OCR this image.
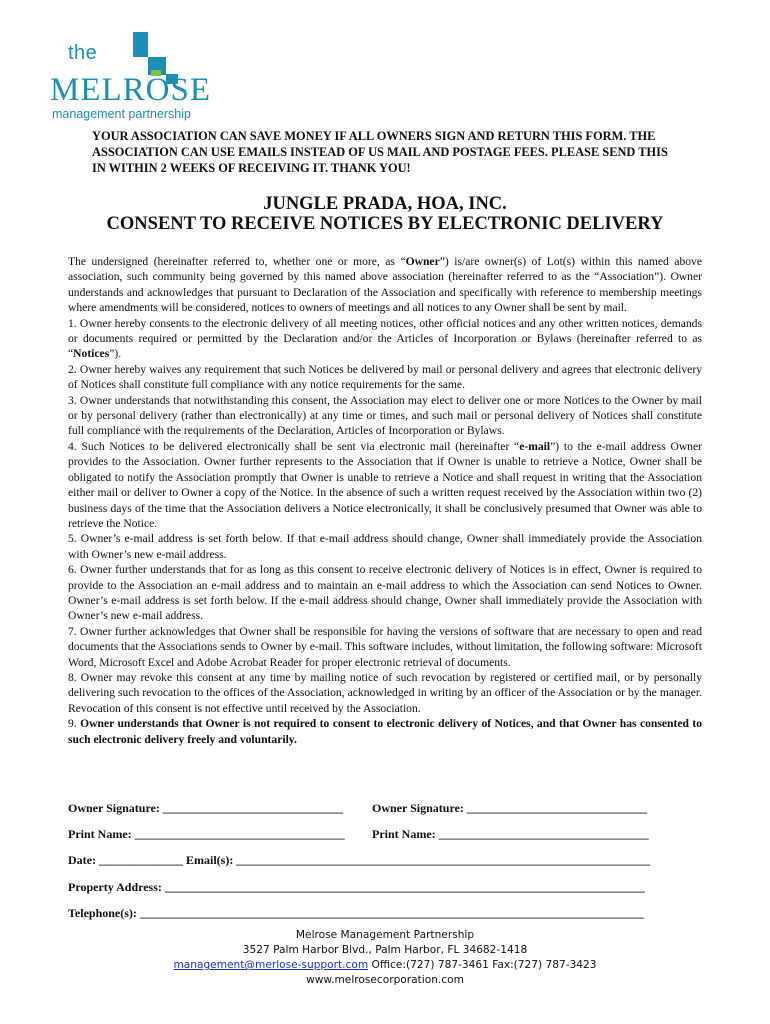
the
MELROSE
management partnership
YOUR ASSOCIATION CAN SAVE MONEY IF ALL OWNERS SIGN AND RETURN THIS FORM. THE ASSOCIATION CAN USE EMAILS INSTEAD OF US MAIL AND POSTAGE FEES. PLEASE SEND THIS IN WITHIN 2 WEEKS OF RECEIVING IT. THANK YOU!
JUNGLE PRADA, HOA, INC.
CONSENT TO RECEIVE NOTICES BY ELECTRONIC DELIVERY

The undersigned (hereinafter referred to, whether one or more, as “Owner”) is/are owner(s) of Lot(s) within this named above association, such community being governed by this named above association (hereinafter referred to as the “Association”). Owner understands and acknowledges that pursuant to Declaration of the Association and specifically with reference to membership meetings where amendments will be considered, notices to owners of meetings and all notices to any Owner shall be sent by mail.

1. Owner hereby consents to the electronic delivery of all meeting notices, other official notices and any other written notices, demands or documents required or permitted by the Declaration and/or the Articles of Incorporation or Bylaws (hereinafter referred to as “Notices”).

2. Owner hereby waives any requirement that such Notices be delivered by mail or personal delivery and agrees that electronic delivery of Notices shall constitute full compliance with any notice requirements for the same.

3. Owner understands that notwithstanding this consent, the Association may elect to deliver one or more Notices to the Owner by mail or by personal delivery (rather than electronically) at any time or times, and such mail or personal delivery of Notices shall constitute full compliance with the requirements of the Declaration, Articles of Incorporation or Bylaws.

4. Such Notices to be delivered electronically shall be sent via electronic mail (hereinafter “e-mail”) to the e-mail address Owner provides to the Association. Owner further represents to the Association that if Owner is unable to retrieve a Notice, Owner shall be obligated to notify the Association promptly that Owner is unable to retrieve a Notice and shall request in writing that the Association either mail or deliver to Owner a copy of the Notice. In the absence of such a written request received by the Association within two (2) business days of the time that the Association delivers a Notice electronically, it shall be conclusively presumed that Owner was able to retrieve the Notice.

5. Owner’s e-mail address is set forth below. If that e-mail address should change, Owner shall immediately provide the Association with Owner’s new e-mail address.

6. Owner further understands that for as long as this consent to receive electronic delivery of Notices is in effect, Owner is required to provide to the Association an e-mail address and to maintain an e-mail address to which the Association can send Notices to Owner. Owner’s e-mail address is set forth below. If the e-mail address should change, Owner shall immediately provide the Association with Owner’s new e-mail address.

7. Owner further acknowledges that Owner shall be responsible for having the versions of software that are necessary to open and read documents that the Associations sends to Owner by e-mail. This software includes, without limitation, the following software: Microsoft Word, Microsoft Excel and Adobe Acrobat Reader for proper electronic retrieval of documents.

8. Owner may revoke this consent at any time by mailing notice of such revocation by registered or certified mail, or by personally delivering such revocation to the offices of the Association, acknowledged in writing by an officer of the Association or by the manager. Revocation of this consent is not effective until received by the Association.

9. Owner understands that Owner is not required to consent to electronic delivery of Notices, and that Owner has consented to such electronic delivery freely and voluntarily.

Owner Signature: ______________________________ Owner Signature: ______________________________
Print Name: ___________________________________ Print Name: ___________________________________
Date: ______________ Email(s): _____________________________________________________________________
Property Address: ________________________________________________________________________________
Telephone(s): ____________________________________________________________________________________
Melrose Management Partnership
3527 Palm Harbor Blvd., Palm Harbor, FL 34682-1418
management@merlose-support.com Office:(727) 787-3461 Fax:(727) 787-3423
www.melrosecorporation.com
